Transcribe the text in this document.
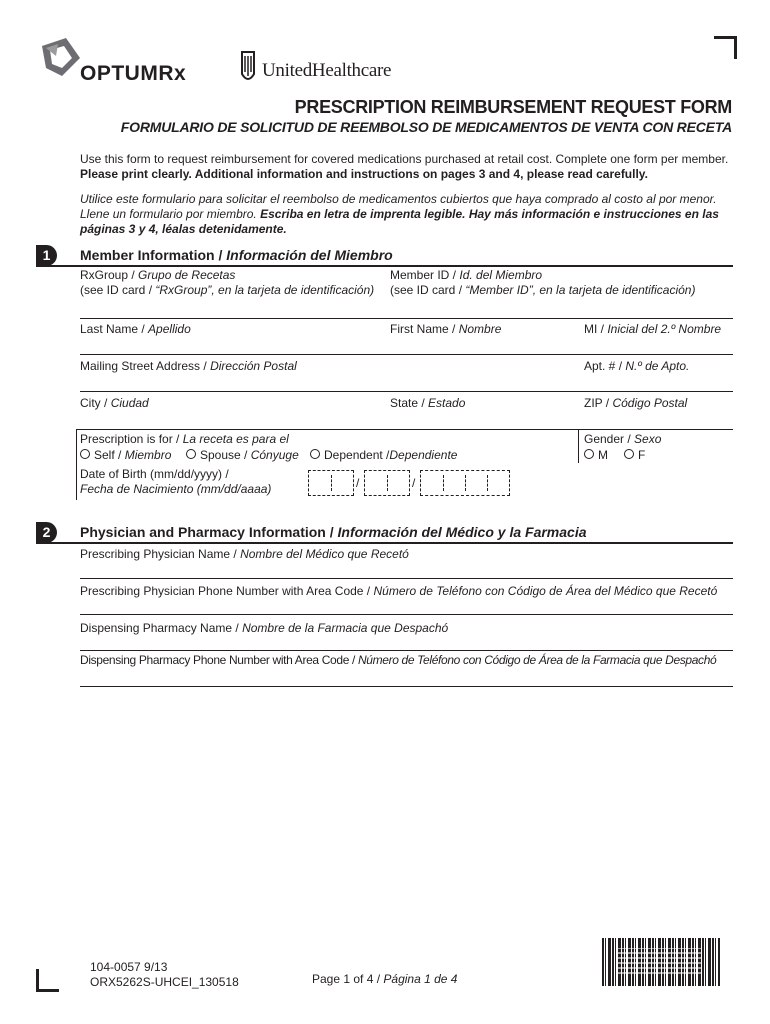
OPTUMRx	UnitedHealthcare
PRESCRIPTION REIMBURSEMENT REQUEST FORM
FORMULARIO DE SOLICITUD DE REEMBOLSO DE MEDICAMENTOS DE VENTA CON RECETA
Use this form to request reimbursement for covered medications purchased at retail cost. Complete one form per member. Please print clearly. Additional information and instructions on pages 3 and 4, please read carefully.
Utilice este formulario para solicitar el reembolso de medicamentos cubiertos que haya comprado al costo al por menor. Llene un formulario por miembro. Escriba en letra de imprenta legible. Hay más información e instrucciones en las páginas 3 y 4, léalas detenidamente.
1	Member Information / Información del Miembro
RxGroup / Grupo de Recetas
(see ID card / “RxGroup”, en la tarjeta de identificación)
Member ID / Id. del Miembro
(see ID card / “Member ID”, en la tarjeta de identificación)
Last Name / Apellido	First Name / Nombre	MI / Inicial del 2.º Nombre
Mailing Street Address / Dirección Postal	Apt. # / N.º de Apto.
City / Ciudad	State / Estado	ZIP / Código Postal
Prescription is for / La receta es para el
Self / Miembro	Spouse / Cónyuge	Dependent /Dependiente
Gender / Sexo
M	F
Date of Birth (mm/dd/yyyy) /
Fecha de Nacimiento (mm/dd/aaaa)	/	/
2	Physician and Pharmacy Information / Información del Médico y la Farmacia
Prescribing Physician Name / Nombre del Médico que Recetó
Prescribing Physician Phone Number with Area Code / Número de Teléfono con Código de Área del Médico que Recetó
Dispensing Pharmacy Name / Nombre de la Farmacia que Despachó
Dispensing Pharmacy Phone Number with Area Code / Número de Teléfono con Código de Área de la Farmacia que Despachó
104-0057 9/13
ORX5262S-UHCEI_130518	Page 1 of 4 / Página 1 de 4
